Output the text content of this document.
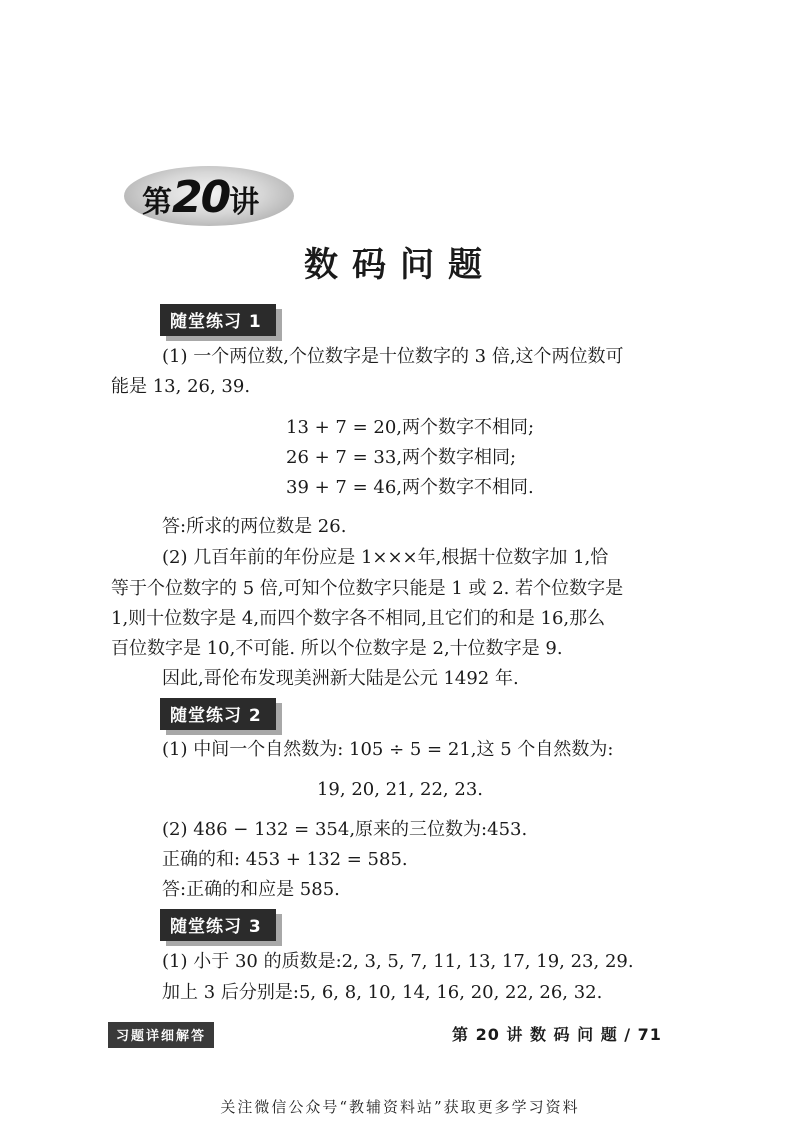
第20讲
数码问题
随堂练习 1
(1) 一个两位数,个位数字是十位数字的 3 倍,这个两位数可
能是 13, 26, 39.
13 + 7 = 20,两个数字不相同;
26 + 7 = 33,两个数字相同;
39 + 7 = 46,两个数字不相同.
答:所求的两位数是 26.
(2) 几百年前的年份应是 1×××年,根据十位数字加 1,恰
等于个位数字的 5 倍,可知个位数字只能是 1 或 2. 若个位数字是
1,则十位数字是 4,而四个数字各不相同,且它们的和是 16,那么
百位数字是 10,不可能. 所以个位数字是 2,十位数字是 9.
因此,哥伦布发现美洲新大陆是公元 1492 年.
随堂练习 2
(1) 中间一个自然数为: 105 ÷ 5 = 21,这 5 个自然数为:
19, 20, 21, 22, 23.
(2) 486 − 132 = 354,原来的三位数为:453.
正确的和: 453 + 132 = 585.
答:正确的和应是 585.
随堂练习 3
(1) 小于 30 的质数是:2, 3, 5, 7, 11, 13, 17, 19, 23, 29.
加上 3 后分别是:5, 6, 8, 10, 14, 16, 20, 22, 26, 32.
习题详细解答	第 20 讲 数 码 问 题 / 71
关注微信公众号“教辅资料站”获取更多学习资料
